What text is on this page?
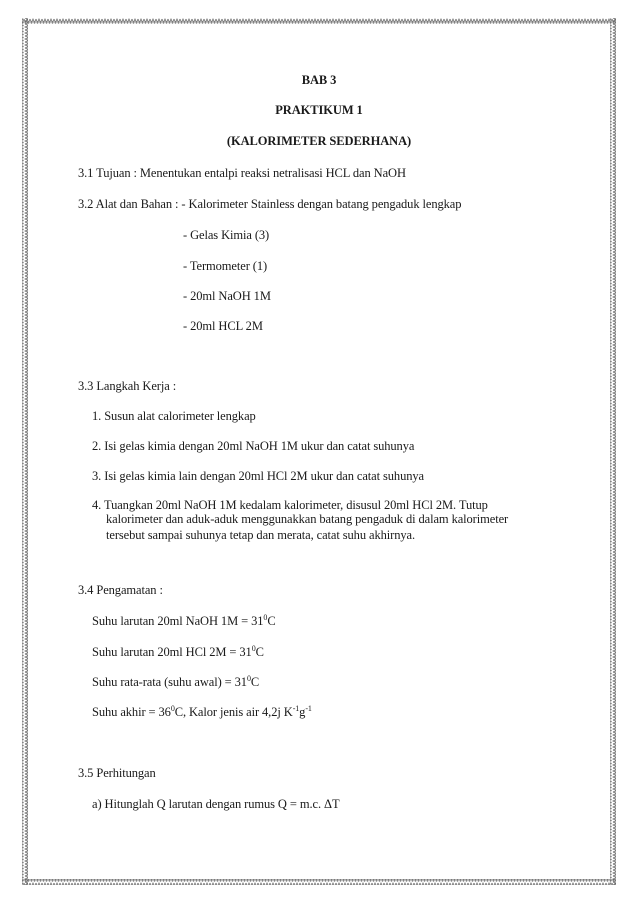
BAB 3
PRAKTIKUM 1
(KALORIMETER SEDERHANA)
3.1 Tujuan : Menentukan entalpi reaksi netralisasi HCL dan NaOH
3.2 Alat dan Bahan : - Kalorimeter Stainless dengan batang pengaduk lengkap
- Gelas Kimia (3)
- Termometer (1)
- 20ml NaOH 1M
- 20ml HCL 2M
3.3 Langkah Kerja :
1. Susun alat calorimeter lengkap
2. Isi gelas kimia dengan 20ml NaOH 1M ukur dan catat suhunya
3. Isi gelas kimia lain dengan 20ml HCl 2M ukur dan catat suhunya
4. Tuangkan 20ml NaOH 1M kedalam kalorimeter, disusul 20ml HCl 2M. Tutup
kalorimeter dan aduk-aduk menggunakkan batang pengaduk di dalam kalorimeter
tersebut sampai suhunya tetap dan merata, catat suhu akhirnya.
3.4 Pengamatan :
Suhu larutan 20ml NaOH $1M = 31^0C$
Suhu larutan 20ml HCl $2M = 31^0C$
Suhu rata-rata (suhu awal) = $31^0C$
Suhu akhir = $36^0C$, Kalor jenis air 4,2j $K^{-1}g^{-1}$
3.5 Perhitungan
a) Hitunglah Q larutan dengan rumus Q = m.c. ΔT
